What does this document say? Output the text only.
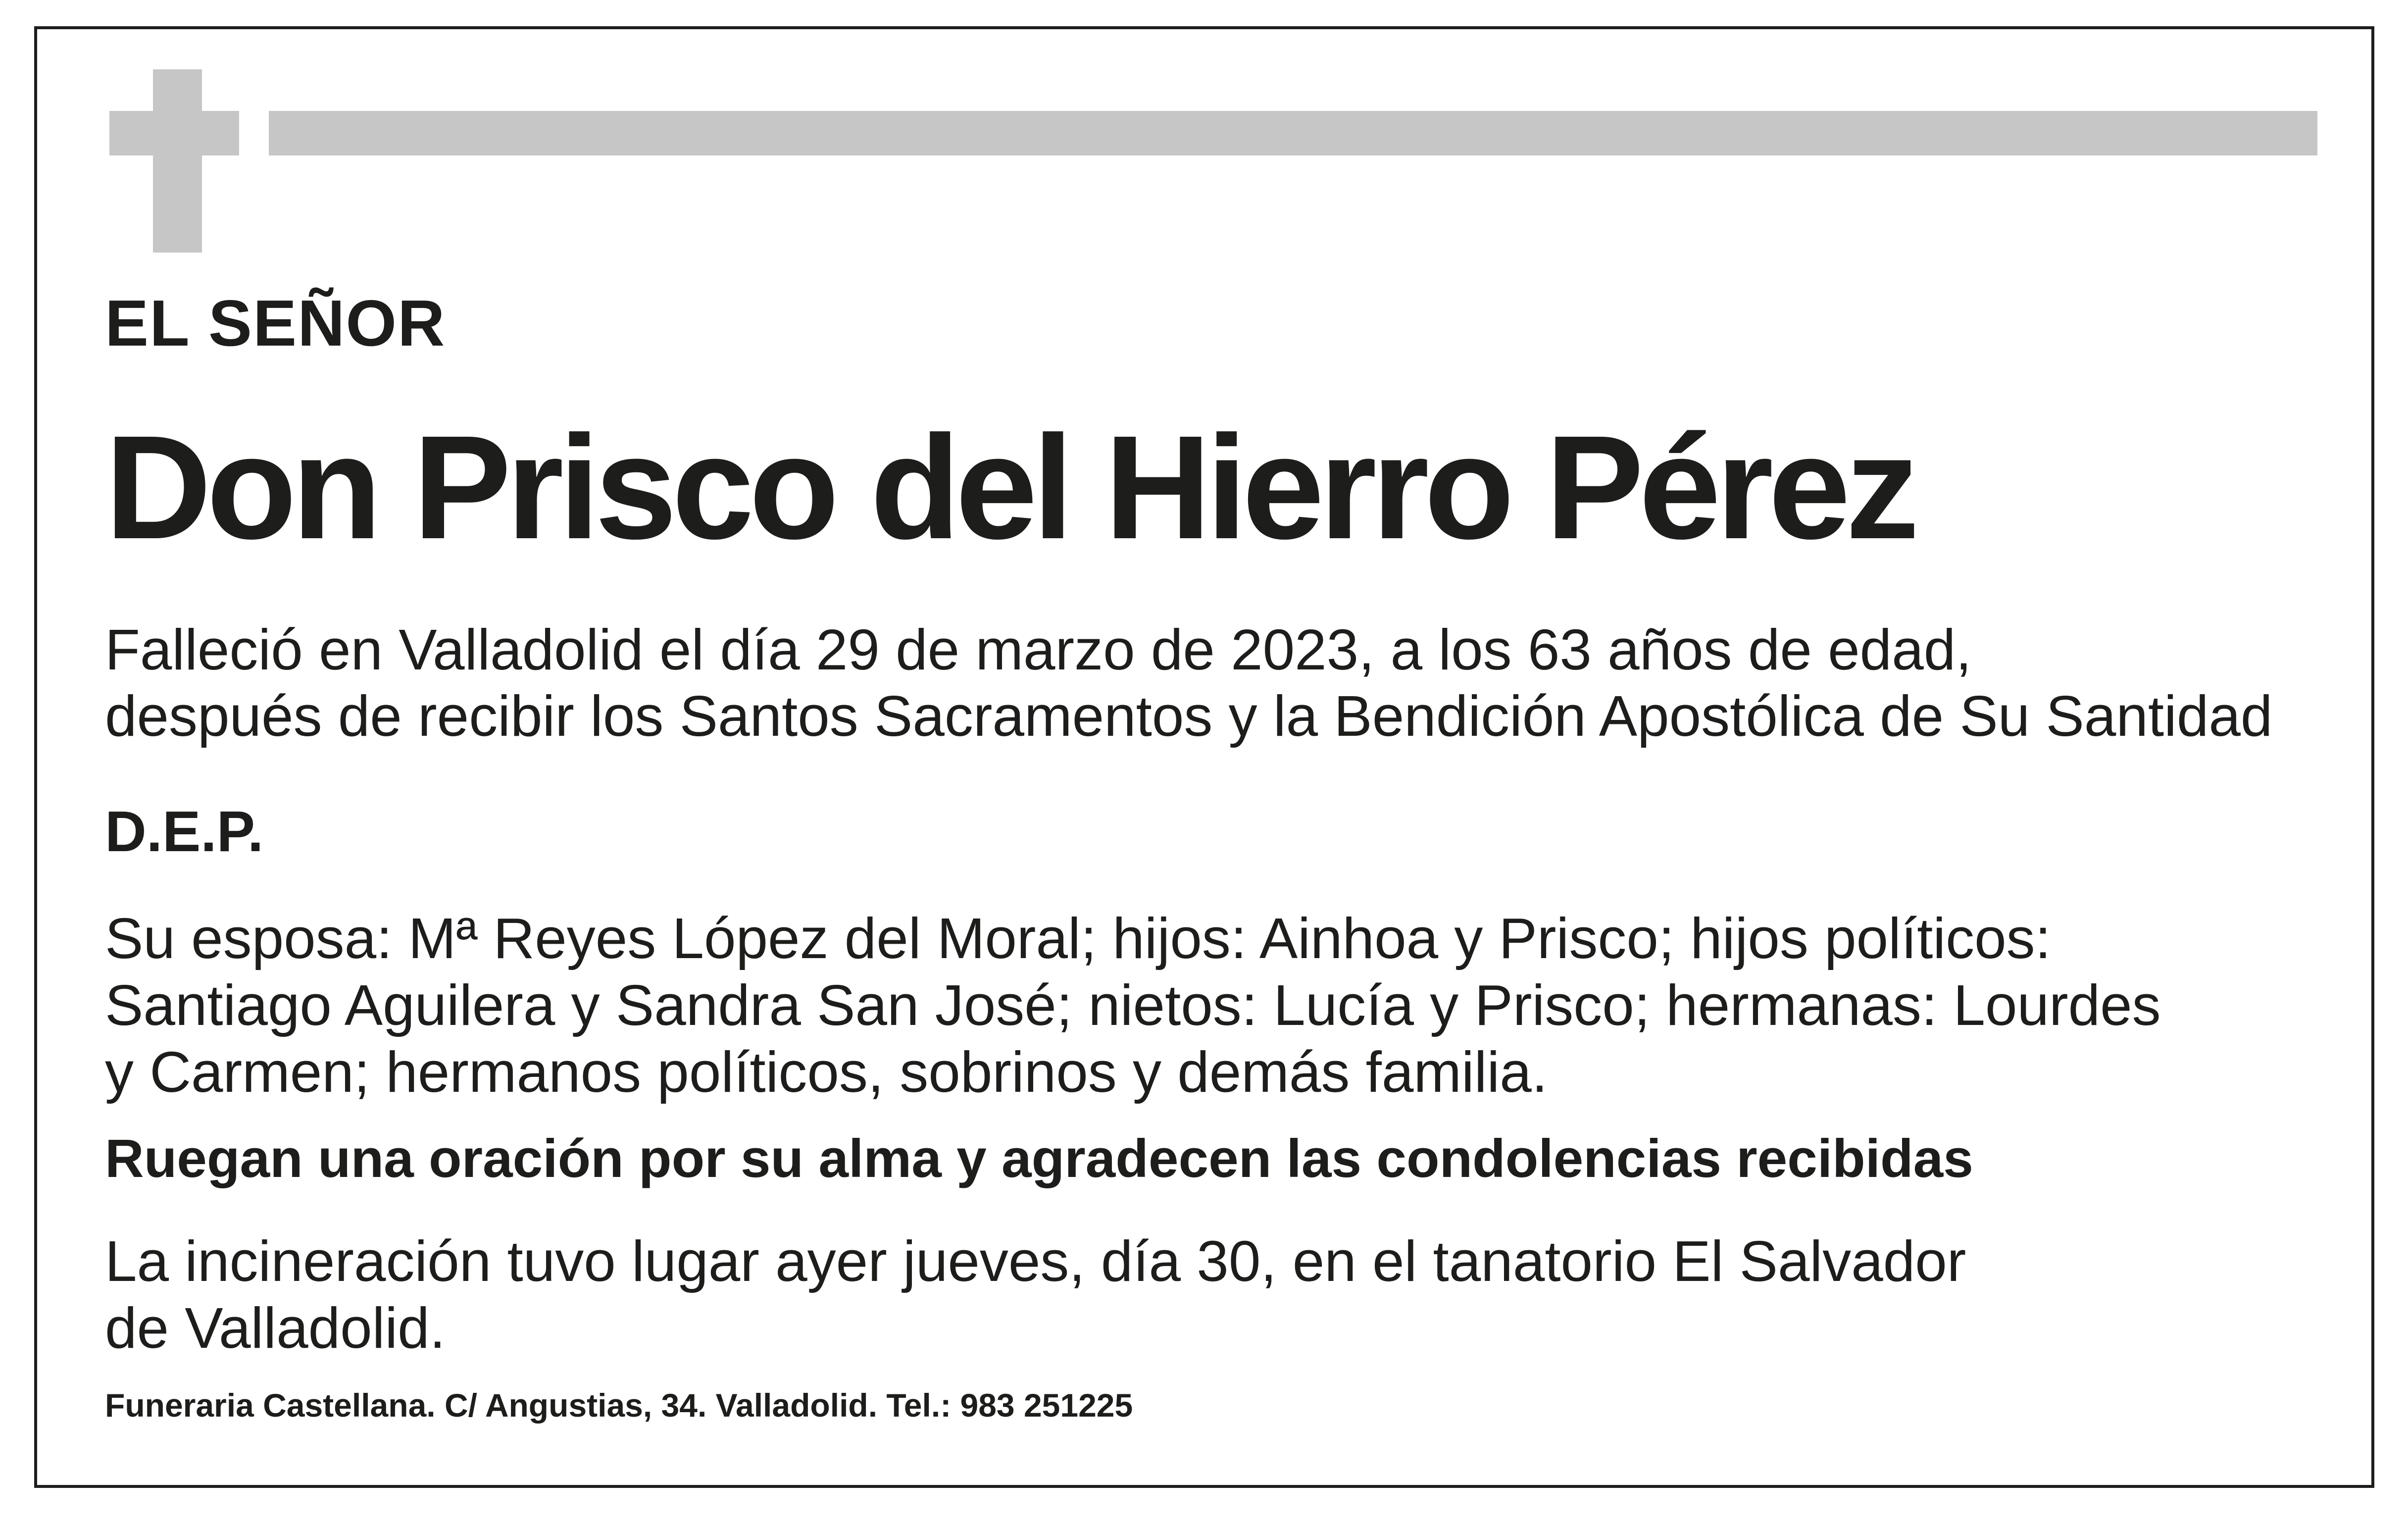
EL SEÑOR

Don Prisco del Hierro Pérez

Falleció en Valladolid el día 29 de marzo de 2023, a los 63 años de edad,
después de recibir los Santos Sacramentos y la Bendición Apostólica de Su Santidad

D.E.P.

Su esposa: Mª Reyes López del Moral; hijos: Ainhoa y Prisco; hijos políticos:
Santiago Aguilera y Sandra San José; nietos: Lucía y Prisco; hermanas: Lourdes
y Carmen; hermanos políticos, sobrinos y demás familia.

Ruegan una oración por su alma y agradecen las condolencias recibidas

La incineración tuvo lugar ayer jueves, día 30, en el tanatorio El Salvador
de Valladolid.

Funeraria Castellana. C/ Angustias, 34. Valladolid. Tel.: 983 251225
